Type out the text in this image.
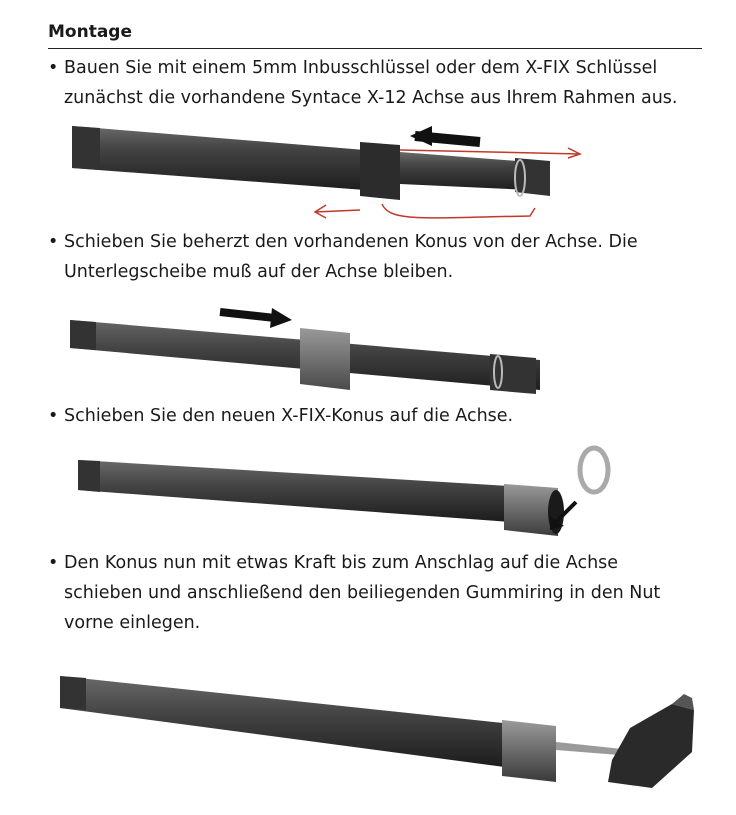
Montage
• Bauen Sie mit einem 5mm Inbusschlüssel oder dem X-FIX Schlüssel
zunächst die vorhandene Syntace X-12 Achse aus Ihrem Rahmen aus.
• Schieben Sie beherzt den vorhandenen Konus von der Achse. Die
Unterlegscheibe muß auf der Achse bleiben.
• Schieben Sie den neuen X-FIX-Konus auf die Achse.
• Den Konus nun mit etwas Kraft bis zum Anschlag auf die Achse
schieben und anschließend den beiliegenden Gummiring in den Nut
vorne einlegen.
